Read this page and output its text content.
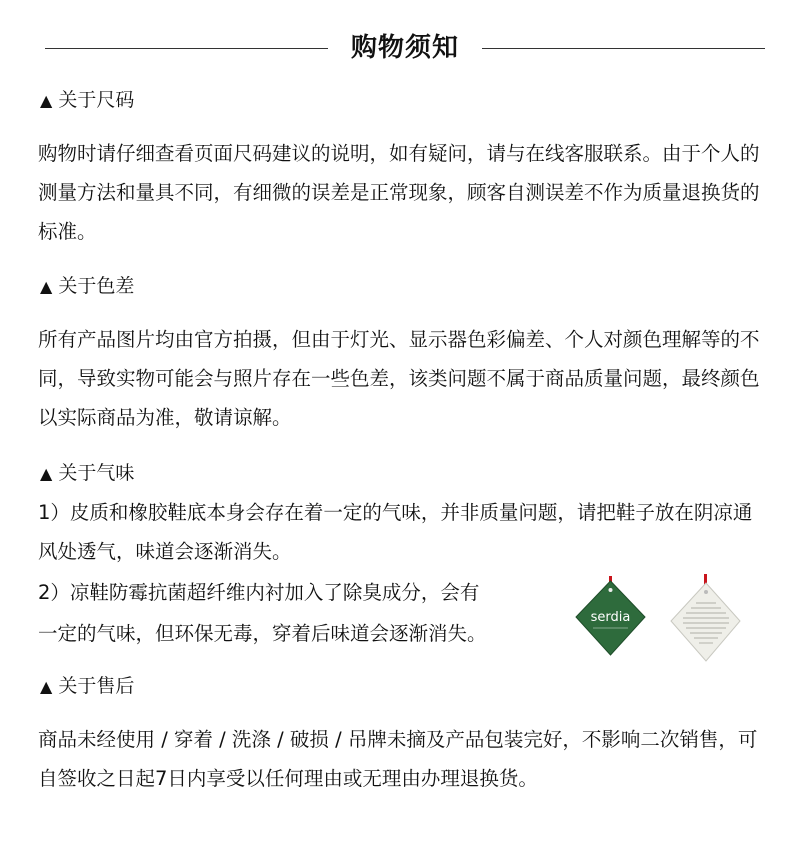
购物须知
▲ 关于尺码

购物时请仔细查看页面尺码建议的说明，如有疑问，请与在线客服联系。由于个人的测量方法和量具不同，有细微的误差是正常现象，顾客自测误差不作为质量退换货的标准。

▲ 关于色差

所有产品图片均由官方拍摄，但由于灯光、显示器色彩偏差、个人对颜色理解等的不同，导致实物可能会与照片存在一些色差，该类问题不属于商品质量问题，最终颜色以实际商品为准，敬请谅解。

▲ 关于气味

1）皮质和橡胶鞋底本身会存在着一定的气味，并非质量问题，请把鞋子放在阴凉通风处透气，味道会逐渐消失。

2）凉鞋防霉抗菌超纤维内衬加入了除臭成分，会有

一定的气味，但环保无毒，穿着后味道会逐渐消失。

serdia
▲ 关于售后

商品未经使用 / 穿着 / 洗涤 / 破损 / 吊牌未摘及产品包装完好，不影响二次销售，可自签收之日起7日内享受以任何理由或无理由办理退换货。
